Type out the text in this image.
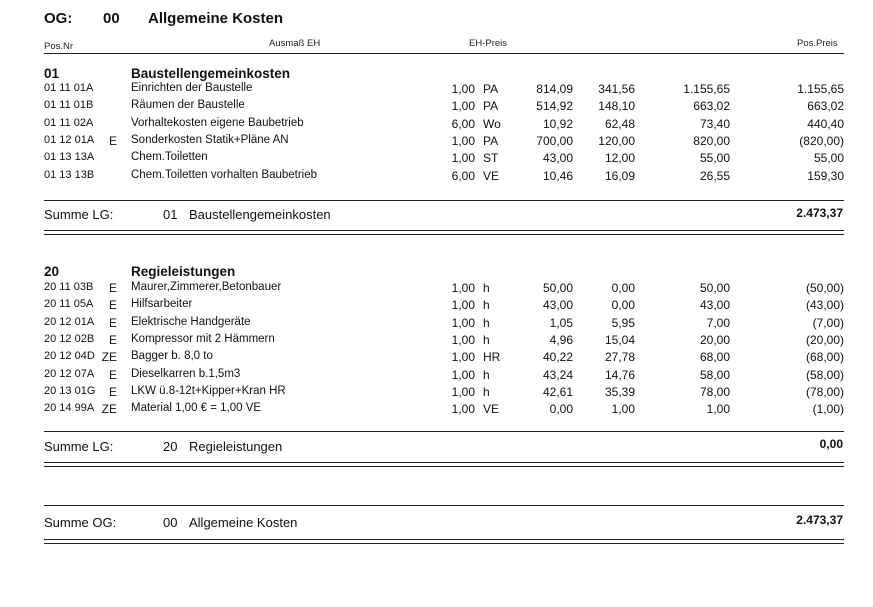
OG: 00 Allgemeine Kosten
Pos.Nr	Ausmaß EH	EH-Preis	Pos.Preis
01	Baustellengemeinkosten
01 11 01A	Einrichten der Baustelle	1,00 PA	814,09 341,56	1.155,65	1.155,65
01 11 01B	Räumen der Baustelle	1,00 PA	514,92 148,10	663,02	663,02
01 11 02A	Vorhaltekosten eigene Baubetrieb	6,00 Wo	10,92	62,48	73,40	440,40
01 12 01A E Sonderkosten Statik+Pläne AN	1,00 PA	700,00 120,00	820,00	(820,00)
01 13 13A	Chem.Toiletten	1,00 ST	43,00	12,00	55,00	55,00
01 13 13B	Chem.Toiletten vorhalten Baubetrieb	6,00 VE	10,46	16,09	26,55	159,30
Summe LG:	01 Baustellengemeinkosten	2.473,37
20	Regieleistungen
20 11 03B E Maurer,Zimmerer,Betonbauer	1,00 h	50,00	0,00	50,00	(50,00)
20 11 05A E Hilfsarbeiter	1,00 h	43,00	0,00	43,00	(43,00)
20 12 01A E Elektrische Handgeräte	1,00 h	1,05	5,95	7,00	(7,00)
20 12 02B E Kompressor mit 2 Hämmern	1,00 h	4,96	15,04	20,00	(20,00)
20 12 04D ZE Bagger b. 8,0 to	1,00 HR	40,22	27,78	68,00	(68,00)
20 12 07A E Dieselkarren b.1,5m3	1,00 h	43,24	14,76	58,00	(58,00)
20 13 01G E LKW ü.8-12t+Kipper+Kran HR	1,00 h	42,61	35,39	78,00	(78,00)
20 14 99A ZE Material 1,00 € = 1,00 VE	1,00 VE	0,00	1,00	1,00	(1,00)
Summe LG:	20 Regieleistungen	0,00
Summe OG:	00 Allgemeine Kosten	2.473,37
